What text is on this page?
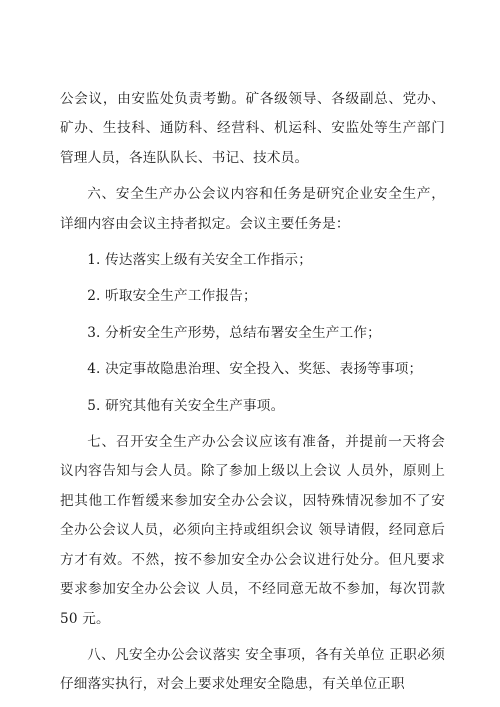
公会议，由安监处负责考勤。矿各级领导、各级副总、党办、矿办、生技科、通防科、经营科、机运科、安监处等生产部门管理人员，各连队队长、书记、技术员。

六、安全生产办公会议内容和任务是研究企业安全生产，详细内容由会议主持者拟定。会议主要任务是：

1. 传达落实上级有关安全工作指示；
2. 听取安全生产工作报告；
3. 分析安全生产形势，总结布署安全生产工作；
4. 决定事故隐患治理、安全投入、奖惩、表扬等事项；
5. 研究其他有关安全生产事项。

七、召开安全生产办公会议应该有准备，并提前一天将会议内容告知与会人员。除了参加上级以上会议 人员外，原则上把其他工作暂缓来参加安全办公会议，因特殊情况参加不了安全办公会议人员，必须向主持或组织会议 领导请假，经同意后方才有效。不然，按不参加安全办公会议进行处分。但凡要求要求参加安全办公会议 人员，不经同意无故不参加，每次罚款 50 元。

八、凡安全办公会议落实 安全事项，各有关单位 正职必须仔细落实执行，对会上要求处理安全隐患，有关单位正职
